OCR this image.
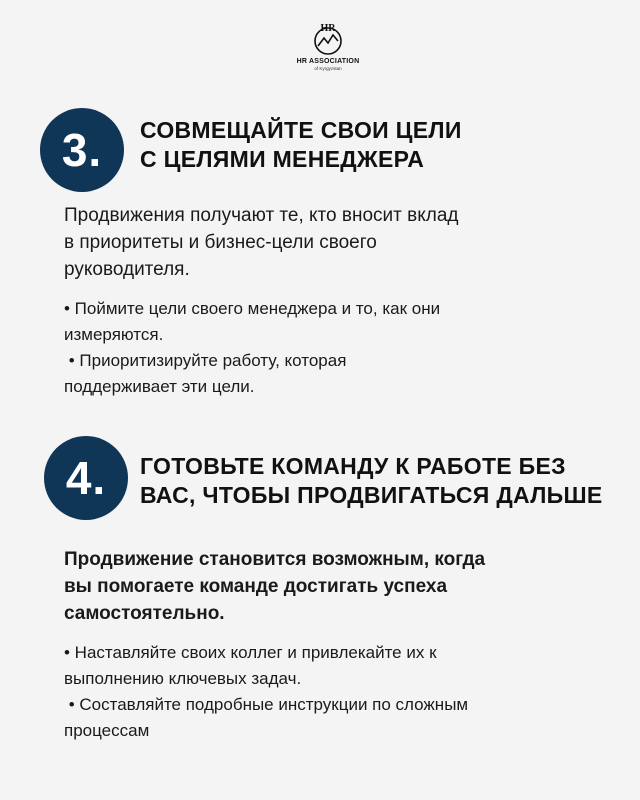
HR
HR ASSOCIATION
of Kyrgyzstan
3.	СОВМЕЩАЙТЕ СВОИ ЦЕЛИ
С ЦЕЛЯМИ МЕНЕДЖЕРА
Продвижения получают те, кто вносит вклад
в приоритеты и бизнес-цели своего
руководителя.

• Поймите цели своего менеджера и то, как они

измеряются.

• Приоритизируйте работу, которая

поддерживает эти цели.

4.	ГОТОВЬТЕ КОМАНДУ К РАБОТЕ БЕЗ
ВАС, ЧТОБЫ ПРОДВИГАТЬСЯ ДАЛЬШЕ
Продвижение становится возможным, когда
вы помогаете команде достигать успеха
самостоятельно.

• Наставляйте своих коллег и привлекайте их к

выполнению ключевых задач.

• Составляйте подробные инструкции по сложным

процессам
